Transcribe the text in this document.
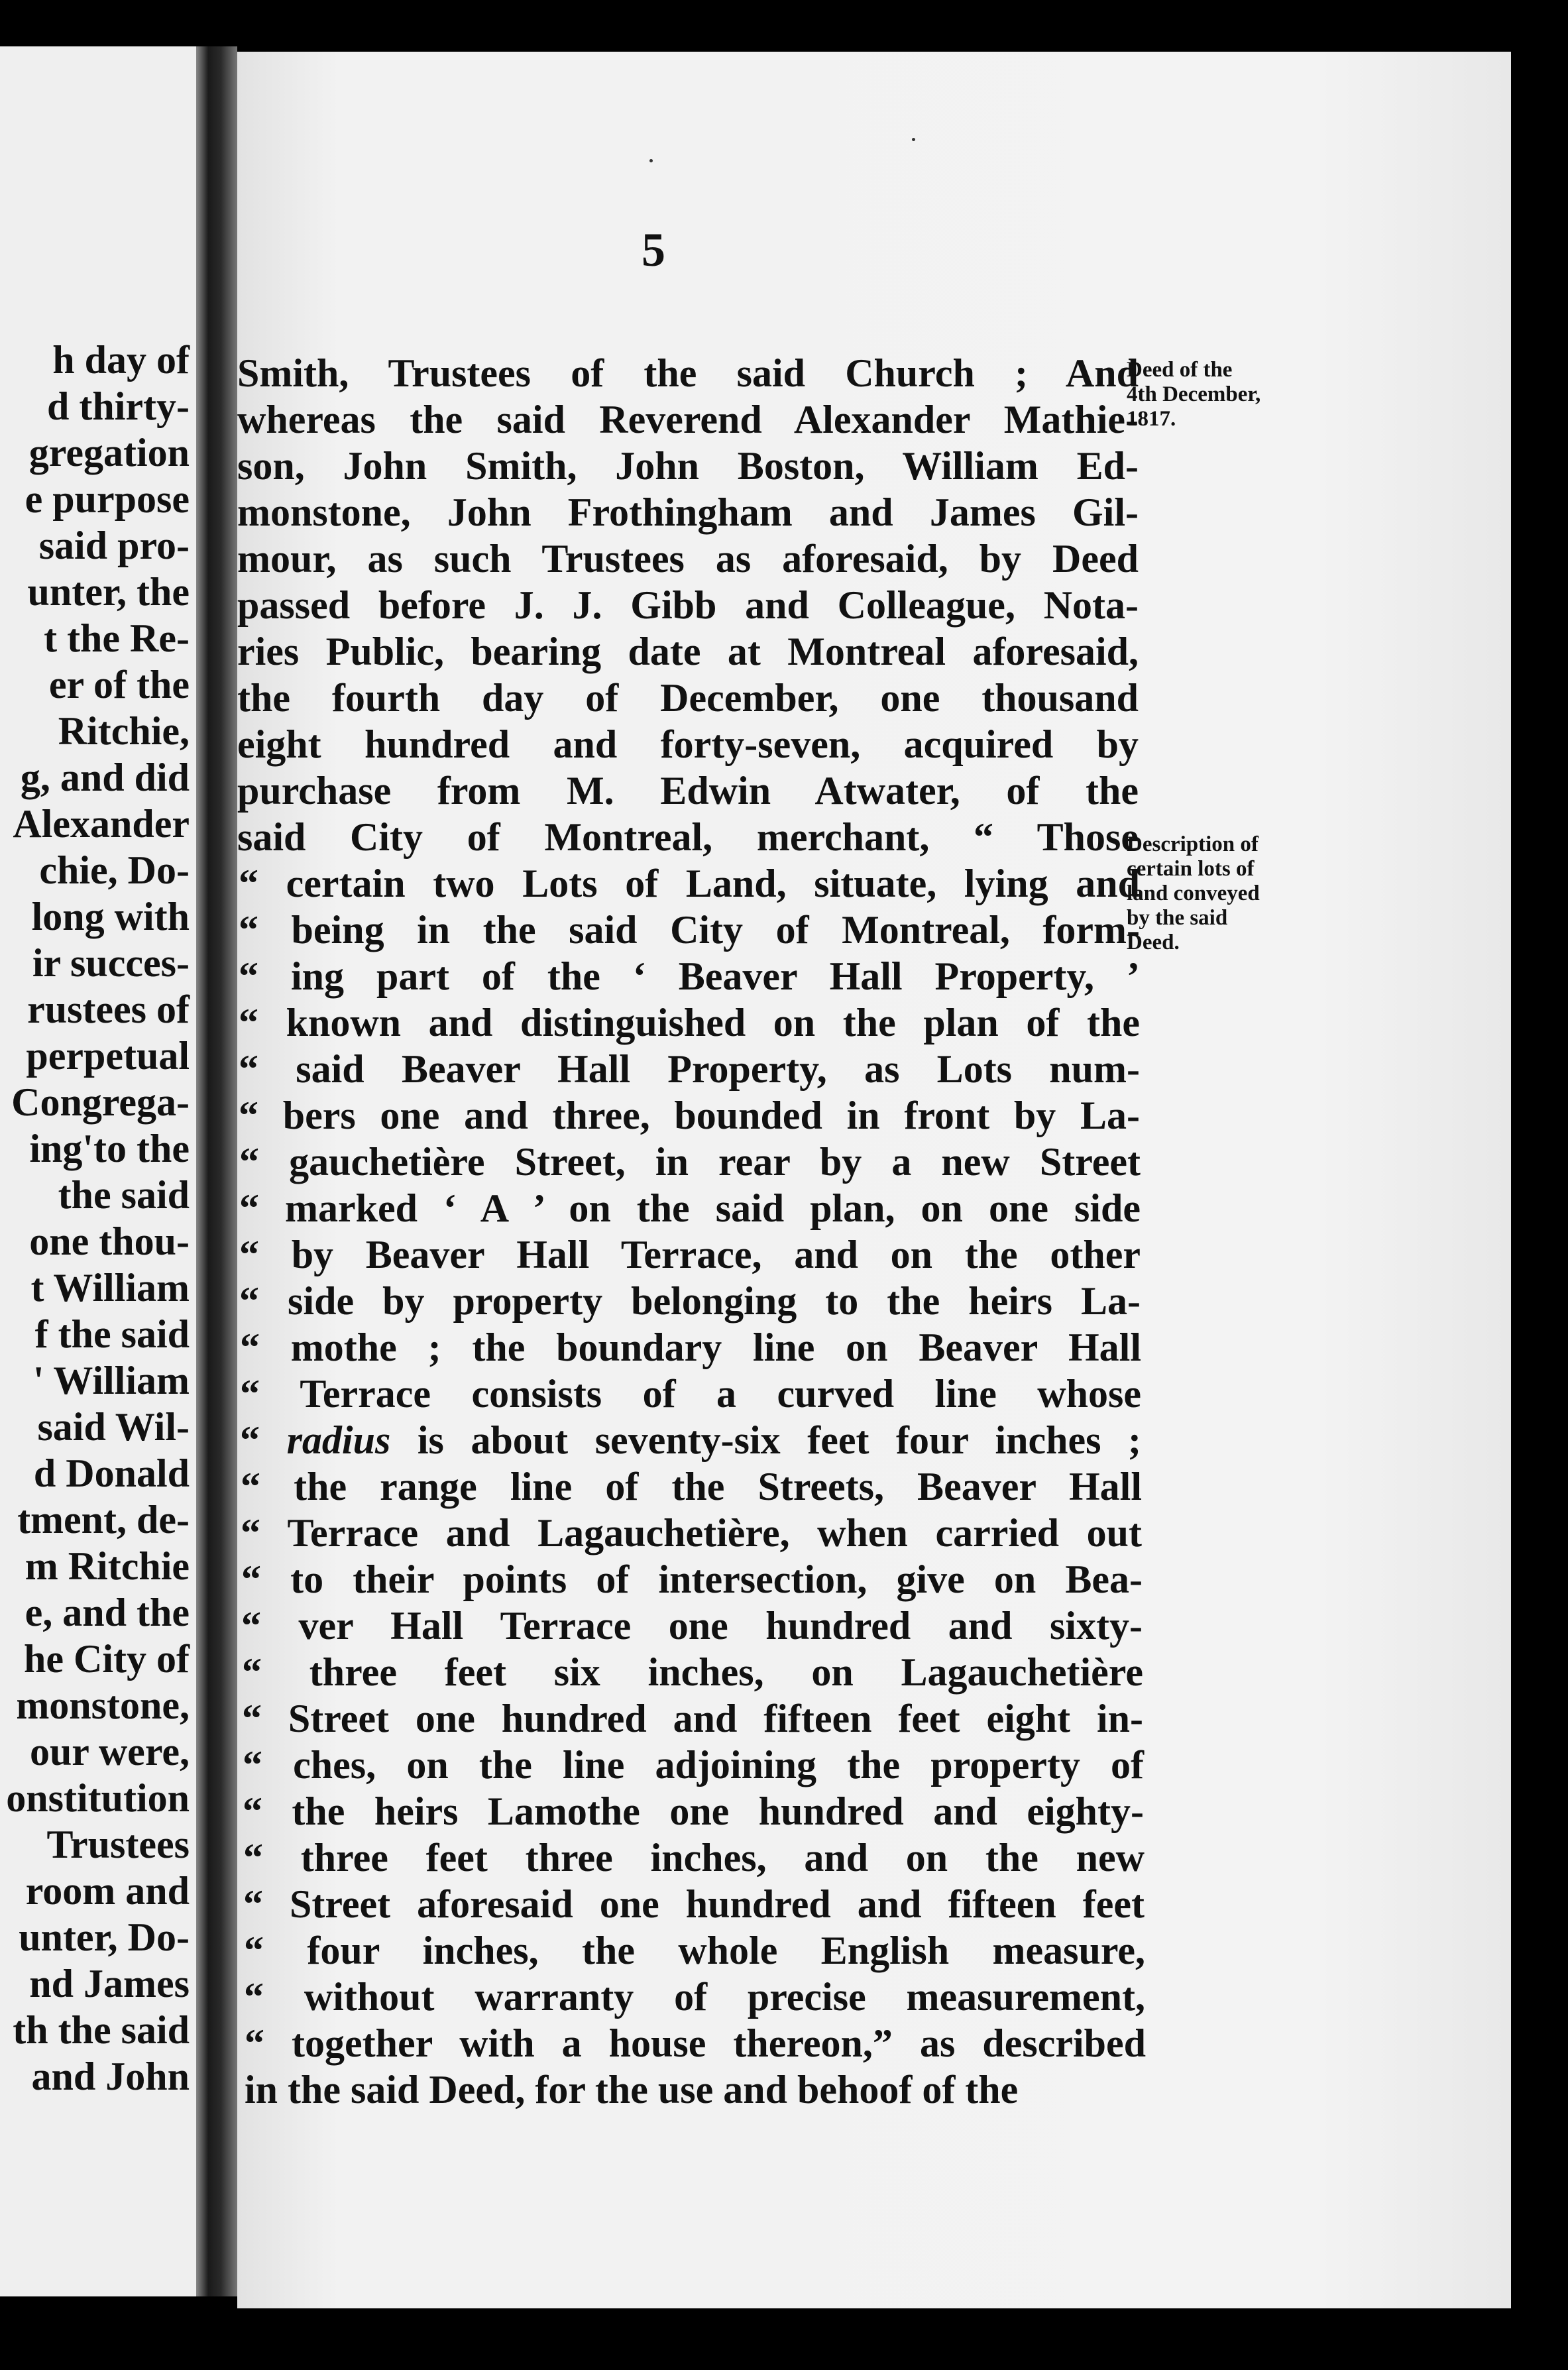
h day of
d thirty-
gregation
e purpose
said pro-
unter, the
t the Re-
er of the
Ritchie,
g, and did
Alexander
chie, Do-
long with
ir succes-
rustees of
perpetual
Congrega-
ing'to the
the said
one thou-
t William
f the said
' William
said Wil-
d Donald
tment, de-
m Ritchie
e, and the
he City of
monstone,
our were,
onstitution
Trustees
room and
unter, Do-
nd James
th the said
and John
5
Smith, Trustees of the said Church ; And
whereas the said Reverend Alexander Mathie-
son, John Smith, John Boston, William Ed-
monstone, John Frothingham and James Gil-
mour, as such Trustees as aforesaid, by Deed
passed before J. J. Gibb and Colleague, Nota-
ries Public, bearing date at Montreal aforesaid,
the fourth day of December, one thousand
eight hundred and forty-seven, acquired by
purchase from M. Edwin Atwater, of the
said City of Montreal, merchant, “ Those
“ certain two Lots of Land, situate, lying and
“ being in the said City of Montreal, form-
“ ing part of the ‘ Beaver Hall Property, ’
“ known and distinguished on the plan of the
“ said Beaver Hall Property, as Lots num-
“ bers one and three, bounded in front by La-
“ gauchetière Street, in rear by a new Street
“ marked ‘ A ’ on the said plan, on one side
“ by Beaver Hall Terrace, and on the other
“ side by property belonging to the heirs La-
“ mothe ; the boundary line on Beaver Hall
“ Terrace consists of a curved line whose
“ radius is about seventy-six feet four inches ;
“ the range line of the Streets, Beaver Hall
“ Terrace and Lagauchetière, when carried out
“ to their points of intersection, give on Bea-
“ ver Hall Terrace one hundred and sixty-
“ three feet six inches, on Lagauchetière
“ Street one hundred and fifteen feet eight in-
“ ches, on the line adjoining the property of
“ the heirs Lamothe one hundred and eighty-
“ three feet three inches, and on the new
“ Street aforesaid one hundred and fifteen feet
“ four inches, the whole English measure,
“ without warranty of precise measurement,
“ together with a house thereon,” as described
in the said Deed, for the use and behoof of the
Deed of the
4th December,
1817.
Description of
certain lots of
land conveyed
by the said
Deed.
